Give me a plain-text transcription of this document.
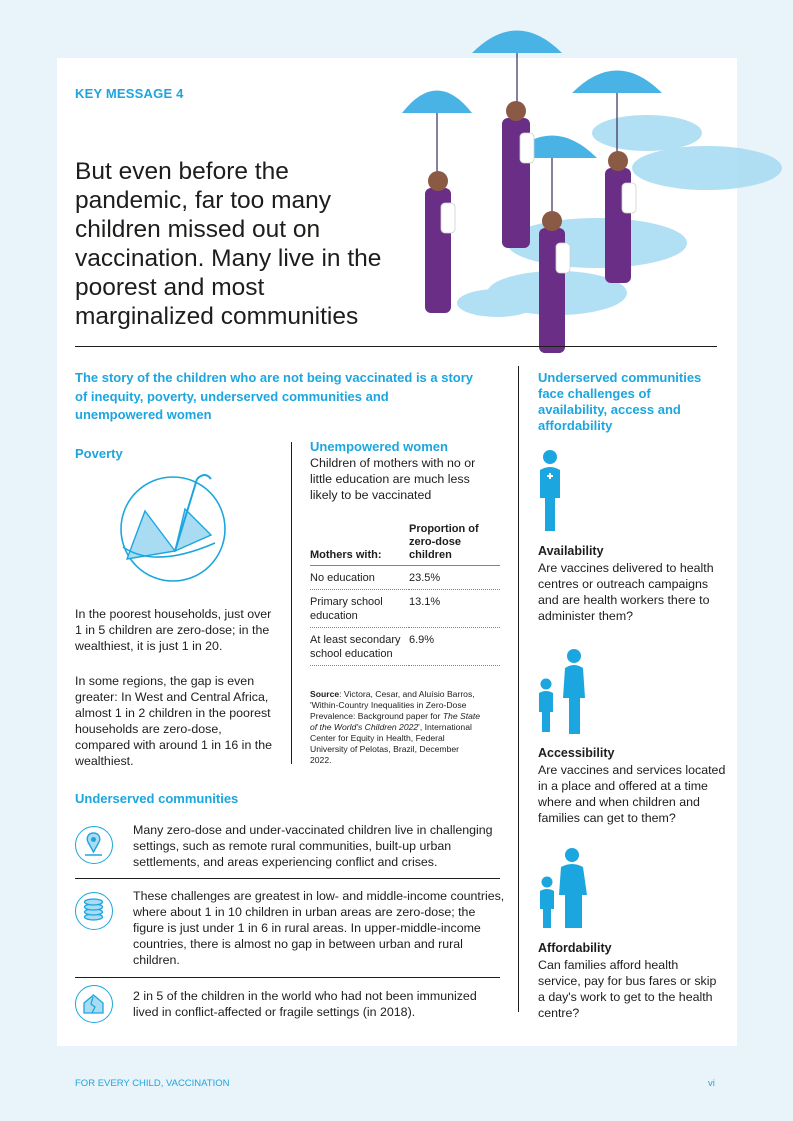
KEY MESSAGE 4
But even before the pandemic, far too many children missed out on vaccination. Many live in the poorest and most marginalized communities
The story of the children who are not being vaccinated is a story of inequity, poverty, underserved communities and unempowered women
Poverty
In the poorest households, just over 1 in 5 children are zero-dose; in the wealthiest, it is just 1 in 20.
In some regions, the gap is even greater: In West and Central Africa, almost 1 in 2 children in the poorest households are zero-dose, compared with around 1 in 16 in the wealthiest.
Unempowered women
Children of mothers with no or little education are much less likely to be vaccinated
Mothers with:	Proportion of zero-dose children
No education	23.5%
Primary school education	13.1%
At least secondary school education	6.9%
Source: Victora, Cesar, and Aluísio Barros, 'Within-Country Inequalities in Zero-Dose Prevalence: Background paper for The State of the World's Children 2022', International Center for Equity in Health, Federal University of Pelotas, Brazil, December 2022.
Underserved communities
Many zero-dose and under-vaccinated children live in challenging settings, such as remote rural communities, built-up urban settlements, and areas experiencing conflict and crises.
These challenges are greatest in low- and middle-income countries, where about 1 in 10 children in urban areas are zero-dose; the figure is just under 1 in 6 in rural areas. In upper-middle-income countries, there is almost no gap in between urban and rural children.
2 in 5 of the children in the world who had not been immunized lived in conflict-affected or fragile settings (in 2018).
Underserved communities face challenges of availability, access and affordability
Availability
Are vaccines delivered to health centres or outreach campaigns and are health workers there to administer them?
Accessibility
Are vaccines and services located in a place and offered at a time where and when children and families can get to them?
Affordability
Can families afford health service, pay for bus fares or skip a day's work to get to the health centre?
FOR EVERY CHILD, VACCINATION	vi
